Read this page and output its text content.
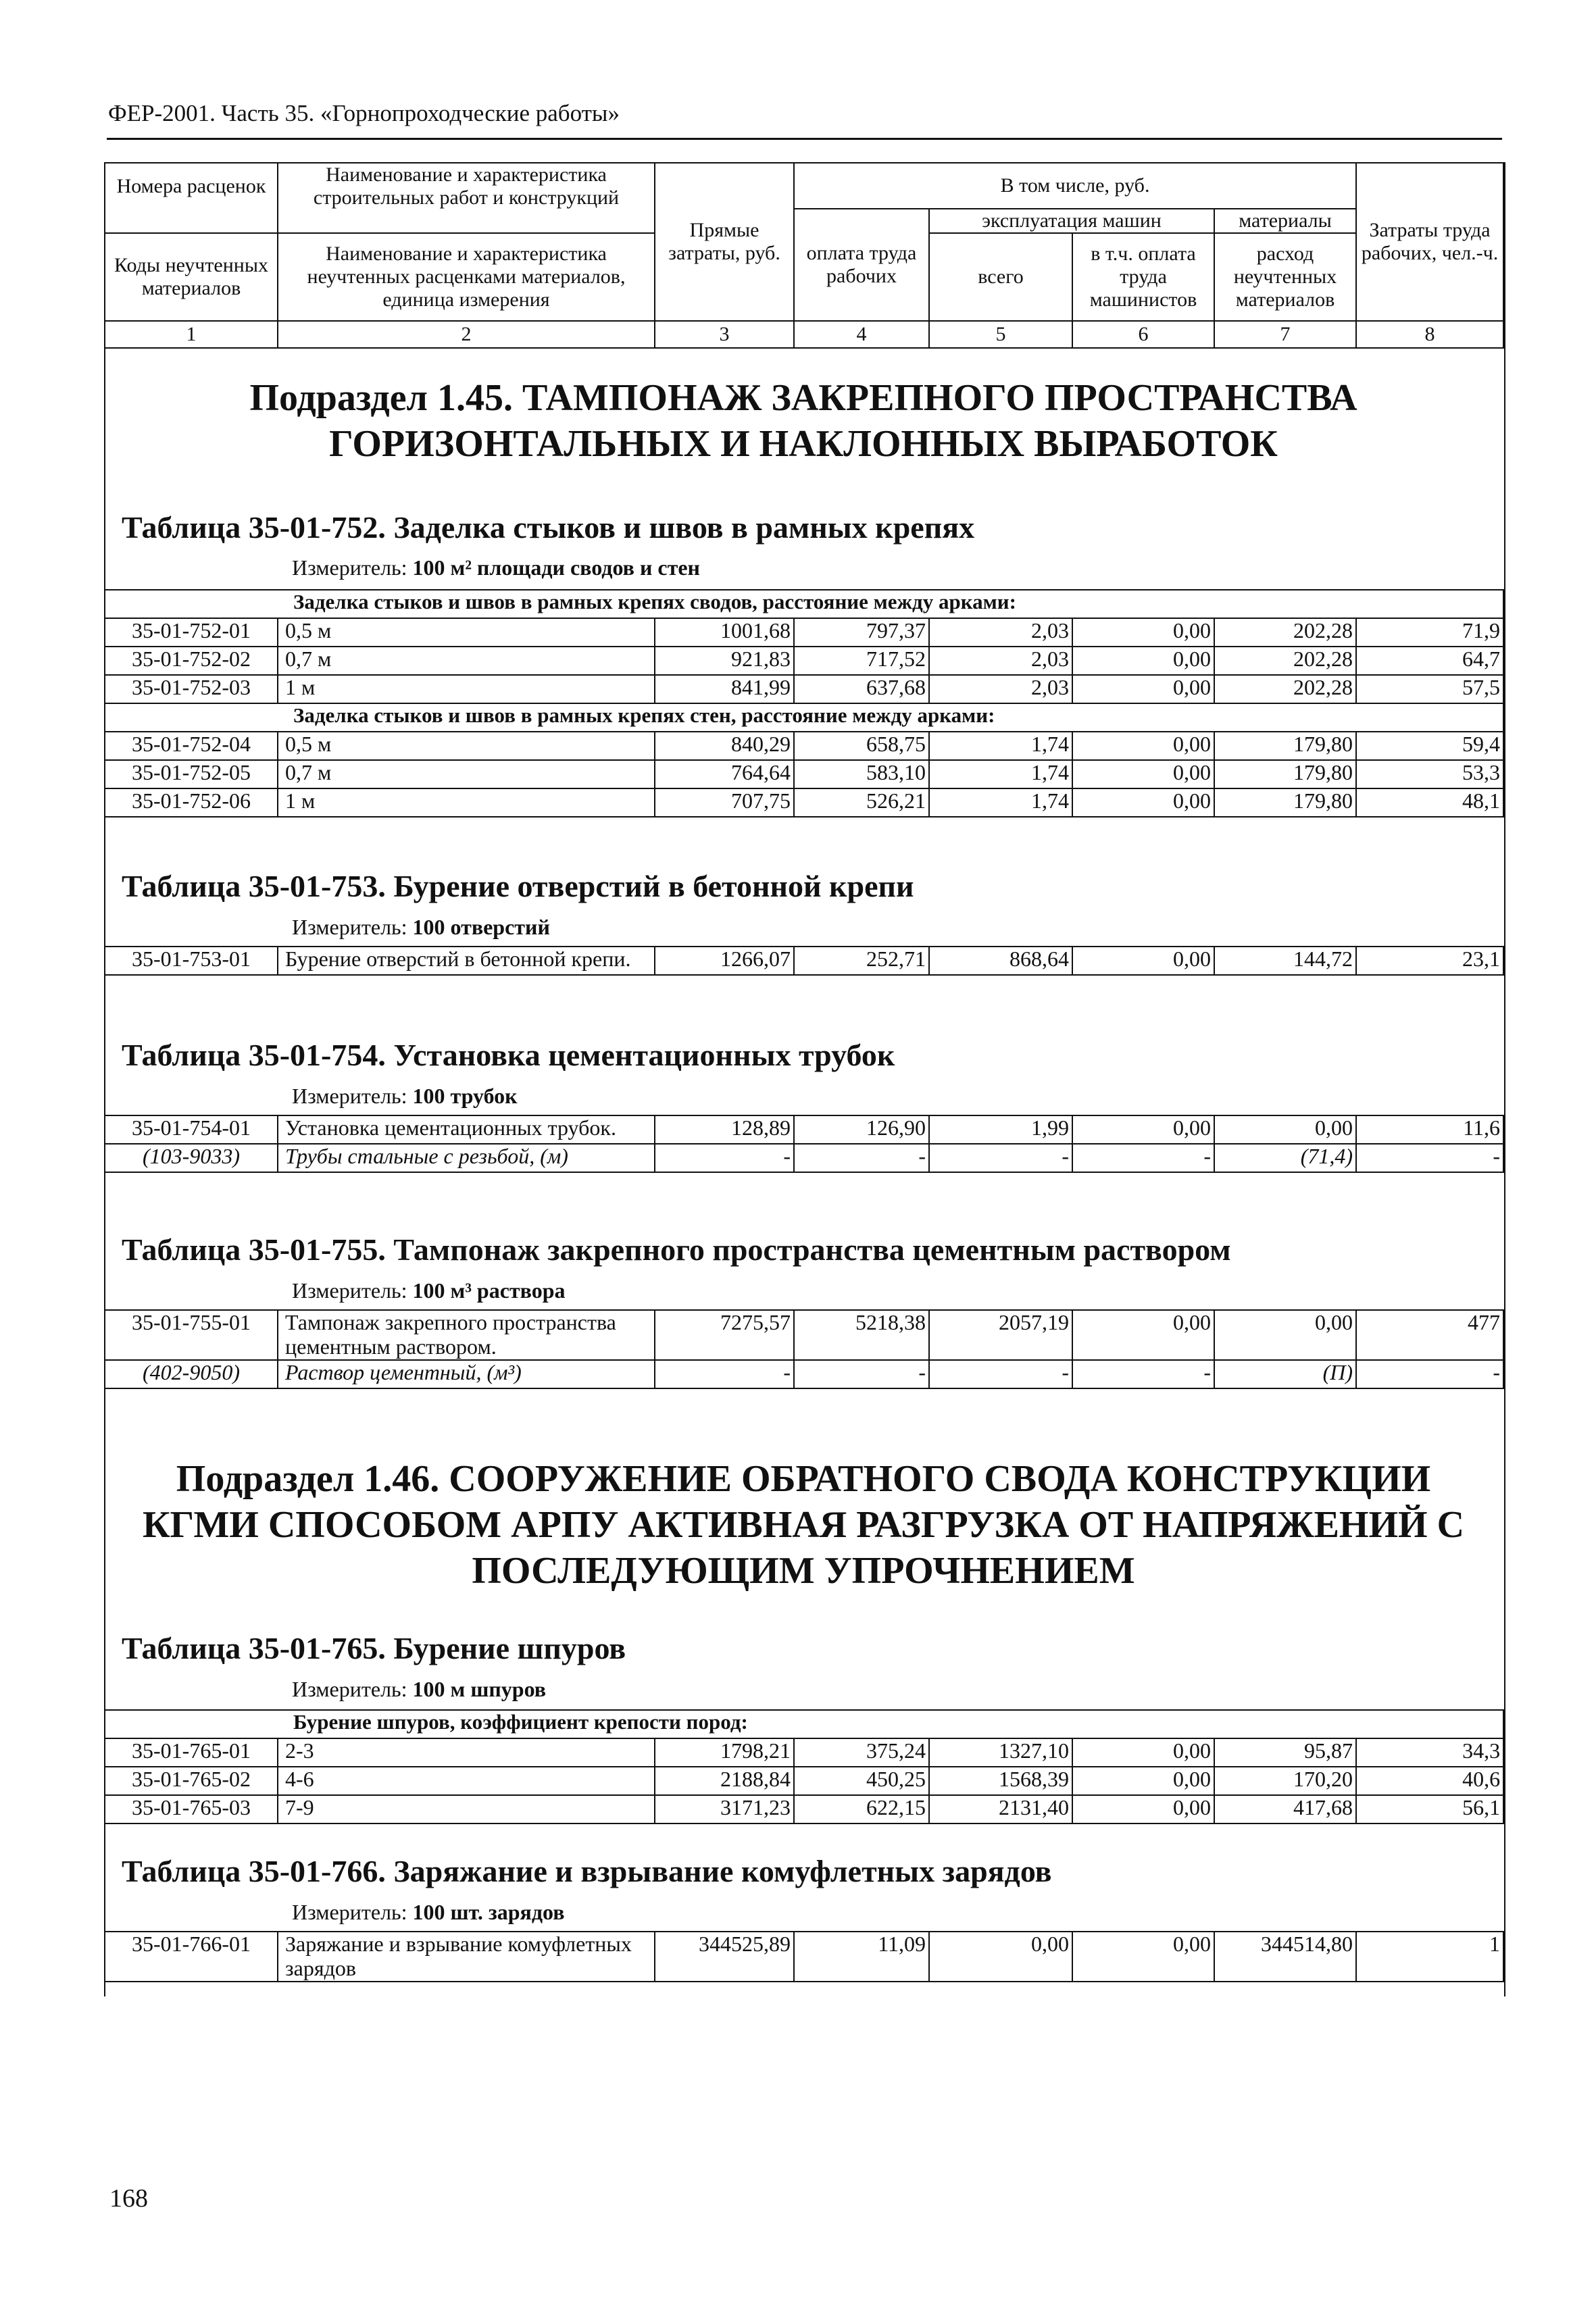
ФЕР-2001. Часть 35. «Горнопроходческие работы»
Номера расценок	Наименование и характеристика строительных работ и конструкций	Прямые затраты, руб.	В том числе, руб.				Затраты труда рабочих, чел.-ч.
			оплата труда рабочих	эксплуатация машин		материалы	
Коды неучтенных материалов	Наименование и характеристика неучтенных расценками материалов, единица измерения			всего	в т.ч. оплата труда машинистов	расход неучтенных материалов	
1	2	3	4	5	6	7	8
Подраздел 1.45. ТАМПОНАЖ ЗАКРЕПНОГО ПРОСТРАНСТВА
ГОРИЗОНТАЛЬНЫХ И НАКЛОННЫХ ВЫРАБОТОК
Таблица 35-01-752. Заделка стыков и швов в рамных крепях
Измеритель: 100 м² площади сводов и стен
Заделка стыков и швов в рамных крепях сводов, расстояние между арками:							
35-01-752-01	0,5 м	1001,68	797,37	2,03	0,00	202,28	71,9
35-01-752-02	0,7 м	921,83	717,52	2,03	0,00	202,28	64,7
35-01-752-03	1 м	841,99	637,68	2,03	0,00	202,28	57,5
Заделка стыков и швов в рамных крепях стен, расстояние между арками:							
35-01-752-04	0,5 м	840,29	658,75	1,74	0,00	179,80	59,4
35-01-752-05	0,7 м	764,64	583,10	1,74	0,00	179,80	53,3
35-01-752-06	1 м	707,75	526,21	1,74	0,00	179,80	48,1
Таблица 35-01-753. Бурение отверстий в бетонной крепи
Измеритель: 100 отверстий
35-01-753-01	Бурение отверстий в бетонной крепи.	1266,07	252,71	868,64	0,00	144,72	23,1
Таблица 35-01-754. Установка цементационных трубок
Измеритель: 100 трубок
35-01-754-01	Установка цементационных трубок.	128,89	126,90	1,99	0,00	0,00	11,6
(103-9033)	Трубы стальные с резьбой, (м)	-	-	-	-	(71,4)	-
Таблица 35-01-755. Тампонаж закрепного пространства цементным раствором
Измеритель: 100 м³ раствора
35-01-755-01	Тампонаж закрепного пространства цементным раствором.	7275,57	5218,38	2057,19	0,00	0,00	477
(402-9050)	Раствор цементный, (м³)	-	-	-	-	(П)	-
Подраздел 1.46. СООРУЖЕНИЕ ОБРАТНОГО СВОДА КОНСТРУКЦИИ
КГМИ СПОСОБОМ АРПУ АКТИВНАЯ РАЗГРУЗКА ОТ НАПРЯЖЕНИЙ С
ПОСЛЕДУЮЩИМ УПРОЧНЕНИЕМ
Таблица 35-01-765. Бурение шпуров
Измеритель: 100 м шпуров
Бурение шпуров, коэффициент крепости пород:							
35-01-765-01	2-3	1798,21	375,24	1327,10	0,00	95,87	34,3
35-01-765-02	4-6	2188,84	450,25	1568,39	0,00	170,20	40,6
35-01-765-03	7-9	3171,23	622,15	2131,40	0,00	417,68	56,1
Таблица 35-01-766. Заряжание и взрывание комуфлетных зарядов
Измеритель: 100 шт. зарядов
35-01-766-01	Заряжание и взрывание комуфлетных зарядов	344525,89	11,09	0,00	0,00	344514,80	1
168
